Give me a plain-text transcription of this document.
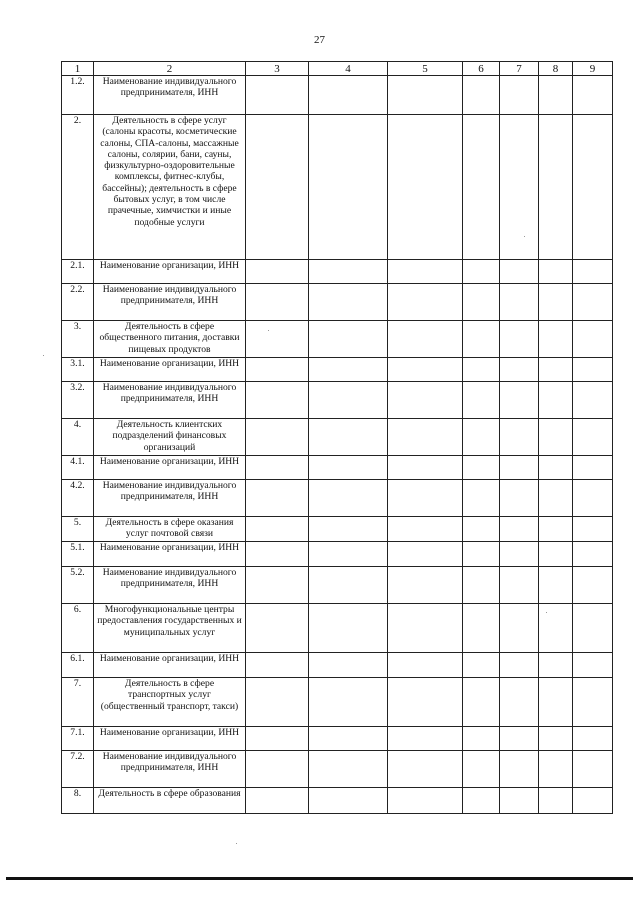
27
1	2	3	4	5	6	7	8	9
1.2.	Наименование индивидуального предпринимателя, ИНН							
2.	Деятельность в сфере услуг (салоны красоты, косметические салоны, СПА-салоны, массажные салоны, солярии, бани, сауны, физкультурно-оздоровительные комплексы, фитнес-клубы, бассейны); деятельность в сфере бытовых услуг, в том числе прачечные, химчистки и иные подобные услуги							
2.1.	Наименование организации, ИНН							
2.2.	Наименование индивидуального предпринимателя, ИНН							
3.	Деятельность в сфере общественного питания, доставки пищевых продуктов							
3.1.	Наименование организации, ИНН							
3.2.	Наименование индивидуального предпринимателя, ИНН							
4.	Деятельность клиентских подразделений финансовых организаций							
4.1.	Наименование организации, ИНН							
4.2.	Наименование индивидуального предпринимателя, ИНН							
5.	Деятельность в сфере оказания услуг почтовой связи							
5.1.	Наименование организации, ИНН							
5.2.	Наименование индивидуального предпринимателя, ИНН							
6.	Многофункциональные центры предоставления государственных и муниципальных услуг							
6.1.	Наименование организации, ИНН							
7.	Деятельность в сфере транспортных услуг (общественный транспорт, такси)							
7.1.	Наименование организации, ИНН							
7.2.	Наименование индивидуального предпринимателя, ИНН							
8.	Деятельность в сфере образования							
